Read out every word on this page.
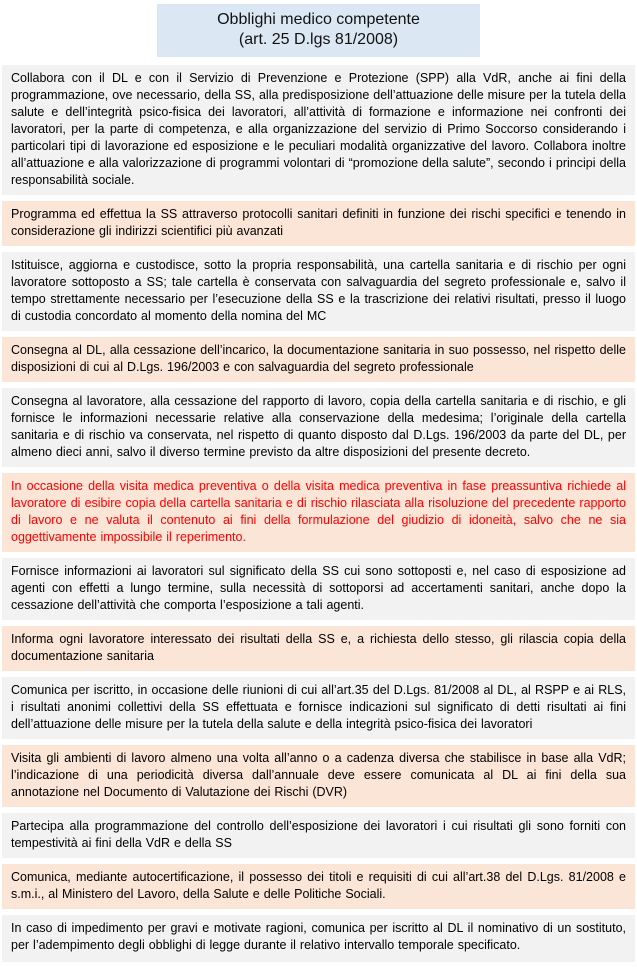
Obblighi medico competente
(art. 25 D.lgs 81/2008)
Collabora con il DL e con il Servizio di Prevenzione e Protezione (SPP) alla VdR, anche ai fini della programmazione, ove necessario, della SS, alla predisposizione dell’attuazione delle misure per la tutela della salute e dell’integrità psico-fisica dei lavoratori, all’attività di formazione e informazione nei confronti dei lavoratori, per la parte di competenza, e alla organizzazione del servizio di Primo Soccorso considerando i particolari tipi di lavorazione ed esposizione e le peculiari modalità organizzative del lavoro. Collabora inoltre all’attuazione e alla valorizzazione di programmi volontari di “promozione della salute”, secondo i principi della responsabilità sociale.
Programma ed effettua la SS attraverso protocolli sanitari definiti in funzione dei rischi specifici e tenendo in considerazione gli indirizzi scientifici più avanzati
Istituisce, aggiorna e custodisce, sotto la propria responsabilità, una cartella sanitaria e di rischio per ogni lavoratore sottoposto a SS; tale cartella è conservata con salvaguardia del segreto professionale e, salvo il tempo strettamente necessario per l’esecuzione della SS e la trascrizione dei relativi risultati, presso il luogo di custodia concordato al momento della nomina del MC
Consegna al DL, alla cessazione dell’incarico, la documentazione sanitaria in suo possesso, nel rispetto delle disposizioni di cui al D.Lgs. 196/2003 e con salvaguardia del segreto professionale
Consegna al lavoratore, alla cessazione del rapporto di lavoro, copia della cartella sanitaria e di rischio, e gli fornisce le informazioni necessarie relative alla conservazione della medesima; l’originale della cartella sanitaria e di rischio va conservata, nel rispetto di quanto disposto dal D.Lgs. 196/2003 da parte del DL, per almeno dieci anni, salvo il diverso termine previsto da altre disposizioni del presente decreto.
In occasione della visita medica preventiva o della visita medica preventiva in fase preassuntiva richiede al lavoratore di esibire copia della cartella sanitaria e di rischio rilasciata alla risoluzione del precedente rapporto di lavoro e ne valuta il contenuto ai fini della formulazione del giudizio di idoneità, salvo che ne sia oggettivamente impossibile il reperimento.
Fornisce informazioni ai lavoratori sul significato della SS cui sono sottoposti e, nel caso di esposizione ad agenti con effetti a lungo termine, sulla necessità di sottoporsi ad accertamenti sanitari, anche dopo la cessazione dell’attività che comporta l’esposizione a tali agenti.
Informa ogni lavoratore interessato dei risultati della SS e, a richiesta dello stesso, gli rilascia copia della documentazione sanitaria
Comunica per iscritto, in occasione delle riunioni di cui all’art.35 del D.Lgs. 81/2008 al DL, al RSPP e ai RLS, i risultati anonimi collettivi della SS effettuata e fornisce indicazioni sul significato di detti risultati ai fini dell’attuazione delle misure per la tutela della salute e della integrità psico-fisica dei lavoratori
Visita gli ambienti di lavoro almeno una volta all’anno o a cadenza diversa che stabilisce in base alla VdR; l’indicazione di una periodicità diversa dall’annuale deve essere comunicata al DL ai fini della sua annotazione nel Documento di Valutazione dei Rischi (DVR)
Partecipa alla programmazione del controllo dell’esposizione dei lavoratori i cui risultati gli sono forniti con tempestività ai fini della VdR e della SS
Comunica, mediante autocertificazione, il possesso dei titoli e requisiti di cui all’art.38 del D.Lgs. 81/2008 e s.m.i., al Ministero del Lavoro, della Salute e delle Politiche Sociali.
In caso di impedimento per gravi e motivate ragioni, comunica per iscritto al DL il nominativo di un sostituto, per l’adempimento degli obblighi di legge durante il relativo intervallo temporale specificato.
